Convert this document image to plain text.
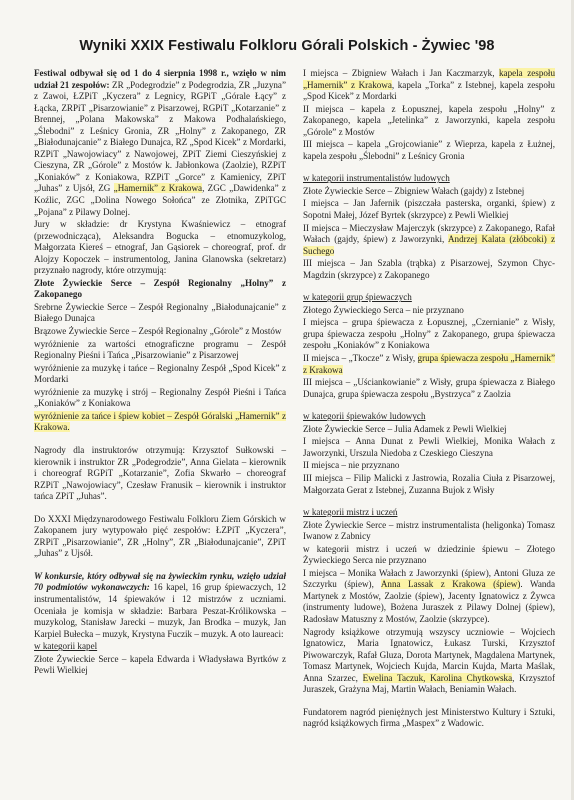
Wyniki XXIX Festiwalu Folkloru Górali Polskich - Żywiec '98

Festiwal odbywał się od 1 do 4 sierpnia 1998 r., wzięło w nim udział 21 zespołów: ZR „Podegrodzie” z Podegrodzia, ZR „Juzyna” z Zawoi, ŁZPiT „Kyczera” z Legnicy, RGPiT „Górale Łący” z Łącka, ZRPiT „Pisarzowianie” z Pisarzowej, RGPiT „Kotarzanie” z Brennej, „Polana Makowska” z Makowa Podhalańskiego, „Ślebodni” z Leśnicy Gronia, ZR „Holny” z Zakopanego, ZR „Białodunajcanie” z Białego Dunajca, RZ „Spod Kicek” z Mordarki, RZPiT „Nawojowiacy” z Nawojowej, ZPiT Ziemi Cieszyńskiej z Cieszyna, ZR „Górole” z Mostów k. Jabłonkowa (Zaolzie), RZPiT „Koniaków” z Koniakowa, RZPiT „Gorce” z Kamienicy, ZPiT „Juhas” z Ujsół, ZG „Hamernik” z Krakowa, ZGC „Dawidenka” z Koźlic, ZGC „Dolina Nowego Sołońca” ze Złotnika, ZPiTGC „Pojana” z Pilawy Dolnej.

Jury w składzie: dr Krystyna Kwaśniewicz – etnograf (przewodnicząca), Aleksandra Bogucka – etnomuzykolog, Małgorzata Kiereś – etnograf, Jan Gąsiorek – choreograf, prof. dr Alojzy Kopoczek – instrumentolog, Janina Glanowska (sekretarz) przyznało nagrody, które otrzymują:

Złote Żywieckie Serce – Zespół Regionalny „Holny” z Zakopanego

Srebrne Żywieckie Serce – Zespół Regionalny „Białodunajcanie” z Białego Dunajca

Brązowe Żywieckie Serce – Zespół Regionalny „Górole” z Mostów

wyróżnienie za wartości etnograficzne programu – Zespół Regionalny Pieśni i Tańca „Pisarzowianie” z Pisarzowej

wyróżnienie za muzykę i tańce – Regionalny Zespół „Spod Kicek” z Mordarki

wyróżnienie za muzykę i strój – Regionalny Zespół Pieśni i Tańca „Koniaków” z Koniakowa

wyróżnienie za tańce i śpiew kobiet – Zespół Góralski „Hamernik” z Krakowa.

Nagrody dla instruktorów otrzymują: Krzysztof Sułkowski – kierownik i instruktor ZR „Podegrodzie”, Anna Gielata – kierownik i choreograf RGPiT „Kotarzanie”, Zofia Skwarło – choreograf RZPiT „Nawojowiacy”, Czesław Franusik – kierownik i instruktor tańca ZPiT „Juhas”.

Do XXXI Międzynarodowego Festiwalu Folkloru Ziem Górskich w Zakopanem jury wytypowało pięć zespołów: ŁZPiT „Kyczera”, ZRPiT „Pisarzowianie”, ZR „Holny”, ZR „Białodunajcanie”, ZPiT „Juhas” z Ujsół.

W konkursie, który odbywał się na żywieckim rynku, wzięło udział 70 podmiotów wykonawczych: 16 kapel, 16 grup śpiewaczych, 12 instrumentalistów, 14 śpiewaków i 12 mistrzów z uczniami. Oceniała je komisja w składzie: Barbara Peszat-Królikowska – muzykolog, Stanisław Jarecki – muzyk, Jan Brodka – muzyk, Jan Karpiel Bułecka – muzyk, Krystyna Fuczik – muzyk. A oto laureaci:

w kategorii kapel

Złote Żywieckie Serce – kapela Edwarda i Władysława Byrtków z Pewli Wielkiej

I miejsca – Zbigniew Wałach i Jan Kaczmarzyk, kapela zespołu „Hamernik” z Krakowa, kapela „Torka” z Istebnej, kapela zespołu „Spod Kicek” z Mordarki

II miejsca – kapela z Łopusznej, kapela zespołu „Holny” z Zakopanego, kapela „Jetelinka” z Jaworzynki, kapela zespołu „Górole” z Mostów

III miejsca – kapela „Grojcowianie” z Wieprza, kapela z Łużnej, kapela zespołu „Ślebodni” z Leśnicy Gronia

w kategorii instrumentalistów ludowych

Złote Żywieckie Serce – Zbigniew Wałach (gajdy) z Istebnej

I miejsca – Jan Jafernik (piszczała pasterska, organki, śpiew) z Sopotni Małej, Józef Byrtek (skrzypce) z Pewli Wielkiej

II miejsca – Mieczysław Majerczyk (skrzypce) z Zakopanego, Rafał Wałach (gajdy, śpiew) z Jaworzynki, Andrzej Kalata (złóbcoki) z Suchego

III miejsca – Jan Szabla (trąbka) z Pisarzowej, Szymon Chyc-Magdzin (skrzypce) z Zakopanego

w kategorii grup śpiewaczych

Złotego Żywieckiego Serca – nie przyznano

I miejsca – grupa śpiewacza z Łopusznej, „Czernianie” z Wisły, grupa śpiewacza zespołu „Holny” z Zakopanego, grupa śpiewacza zespołu „Koniaków” z Koniakowa

II miejsca – „Tkocze” z Wisły, grupa śpiewacza zespołu „Hamernik” z Krakowa

III miejsca – „Uściankowianie” z Wisły, grupa śpiewacza z Białego Dunajca, grupa śpiewacza zespołu „Bystrzyca” z Zaolzia

w kategorii śpiewaków ludowych

Złote Żywieckie Serce – Julia Adamek z Pewli Wielkiej

I miejsca – Anna Dunat z Pewli Wielkiej, Monika Wałach z Jaworzynki, Urszula Niedoba z Czeskiego Cieszyna

II miejsca – nie przyznano

III miejsca – Filip Malicki z Jastrowia, Rozalia Ciuła z Pisarzowej, Małgorzata Gerat z Istebnej, Zuzanna Bujok z Wisły

w kategorii mistrz i uczeń

Złote Żywieckie Serce – mistrz instrumentalista (heligonka) Tomasz Iwanow z Zabnicy

w kategorii mistrz i uczeń w dziedzinie śpiewu – Złotego Żywieckiego Serca nie przyznano

I miejsca – Monika Wałach z Jaworzynki (śpiew), Antoni Gluza ze Szczyrku (śpiew), Anna Lassak z Krakowa (śpiew). Wanda Martynek z Mostów, Zaolzie (śpiew), Jacenty Ignatowicz z Żywca (instrumenty ludowe), Bożena Juraszek z Pilawy Dolnej (śpiew), Radosław Matuszny z Mostów, Zaolzie (skrzypce).

Nagrody książkowe otrzymują wszyscy uczniowie – Wojciech Ignatowicz, Maria Ignatowicz, Łukasz Turski, Krzysztof Piwowarczyk, Rafał Gluza, Dorota Martynek, Magdalena Martynek, Tomasz Martynek, Wojciech Kujda, Marcin Kujda, Marta Maślak, Anna Szarzec, Ewelina Taczuk, Karolina Chytkowska, Krzysztof Juraszek, Grażyna Maj, Martin Wałach, Beniamin Wałach.

Fundatorem nagród pieniężnych jest Ministerstwo Kultury i Sztuki, nagród książkowych firma „Maspex” z Wadowic.
